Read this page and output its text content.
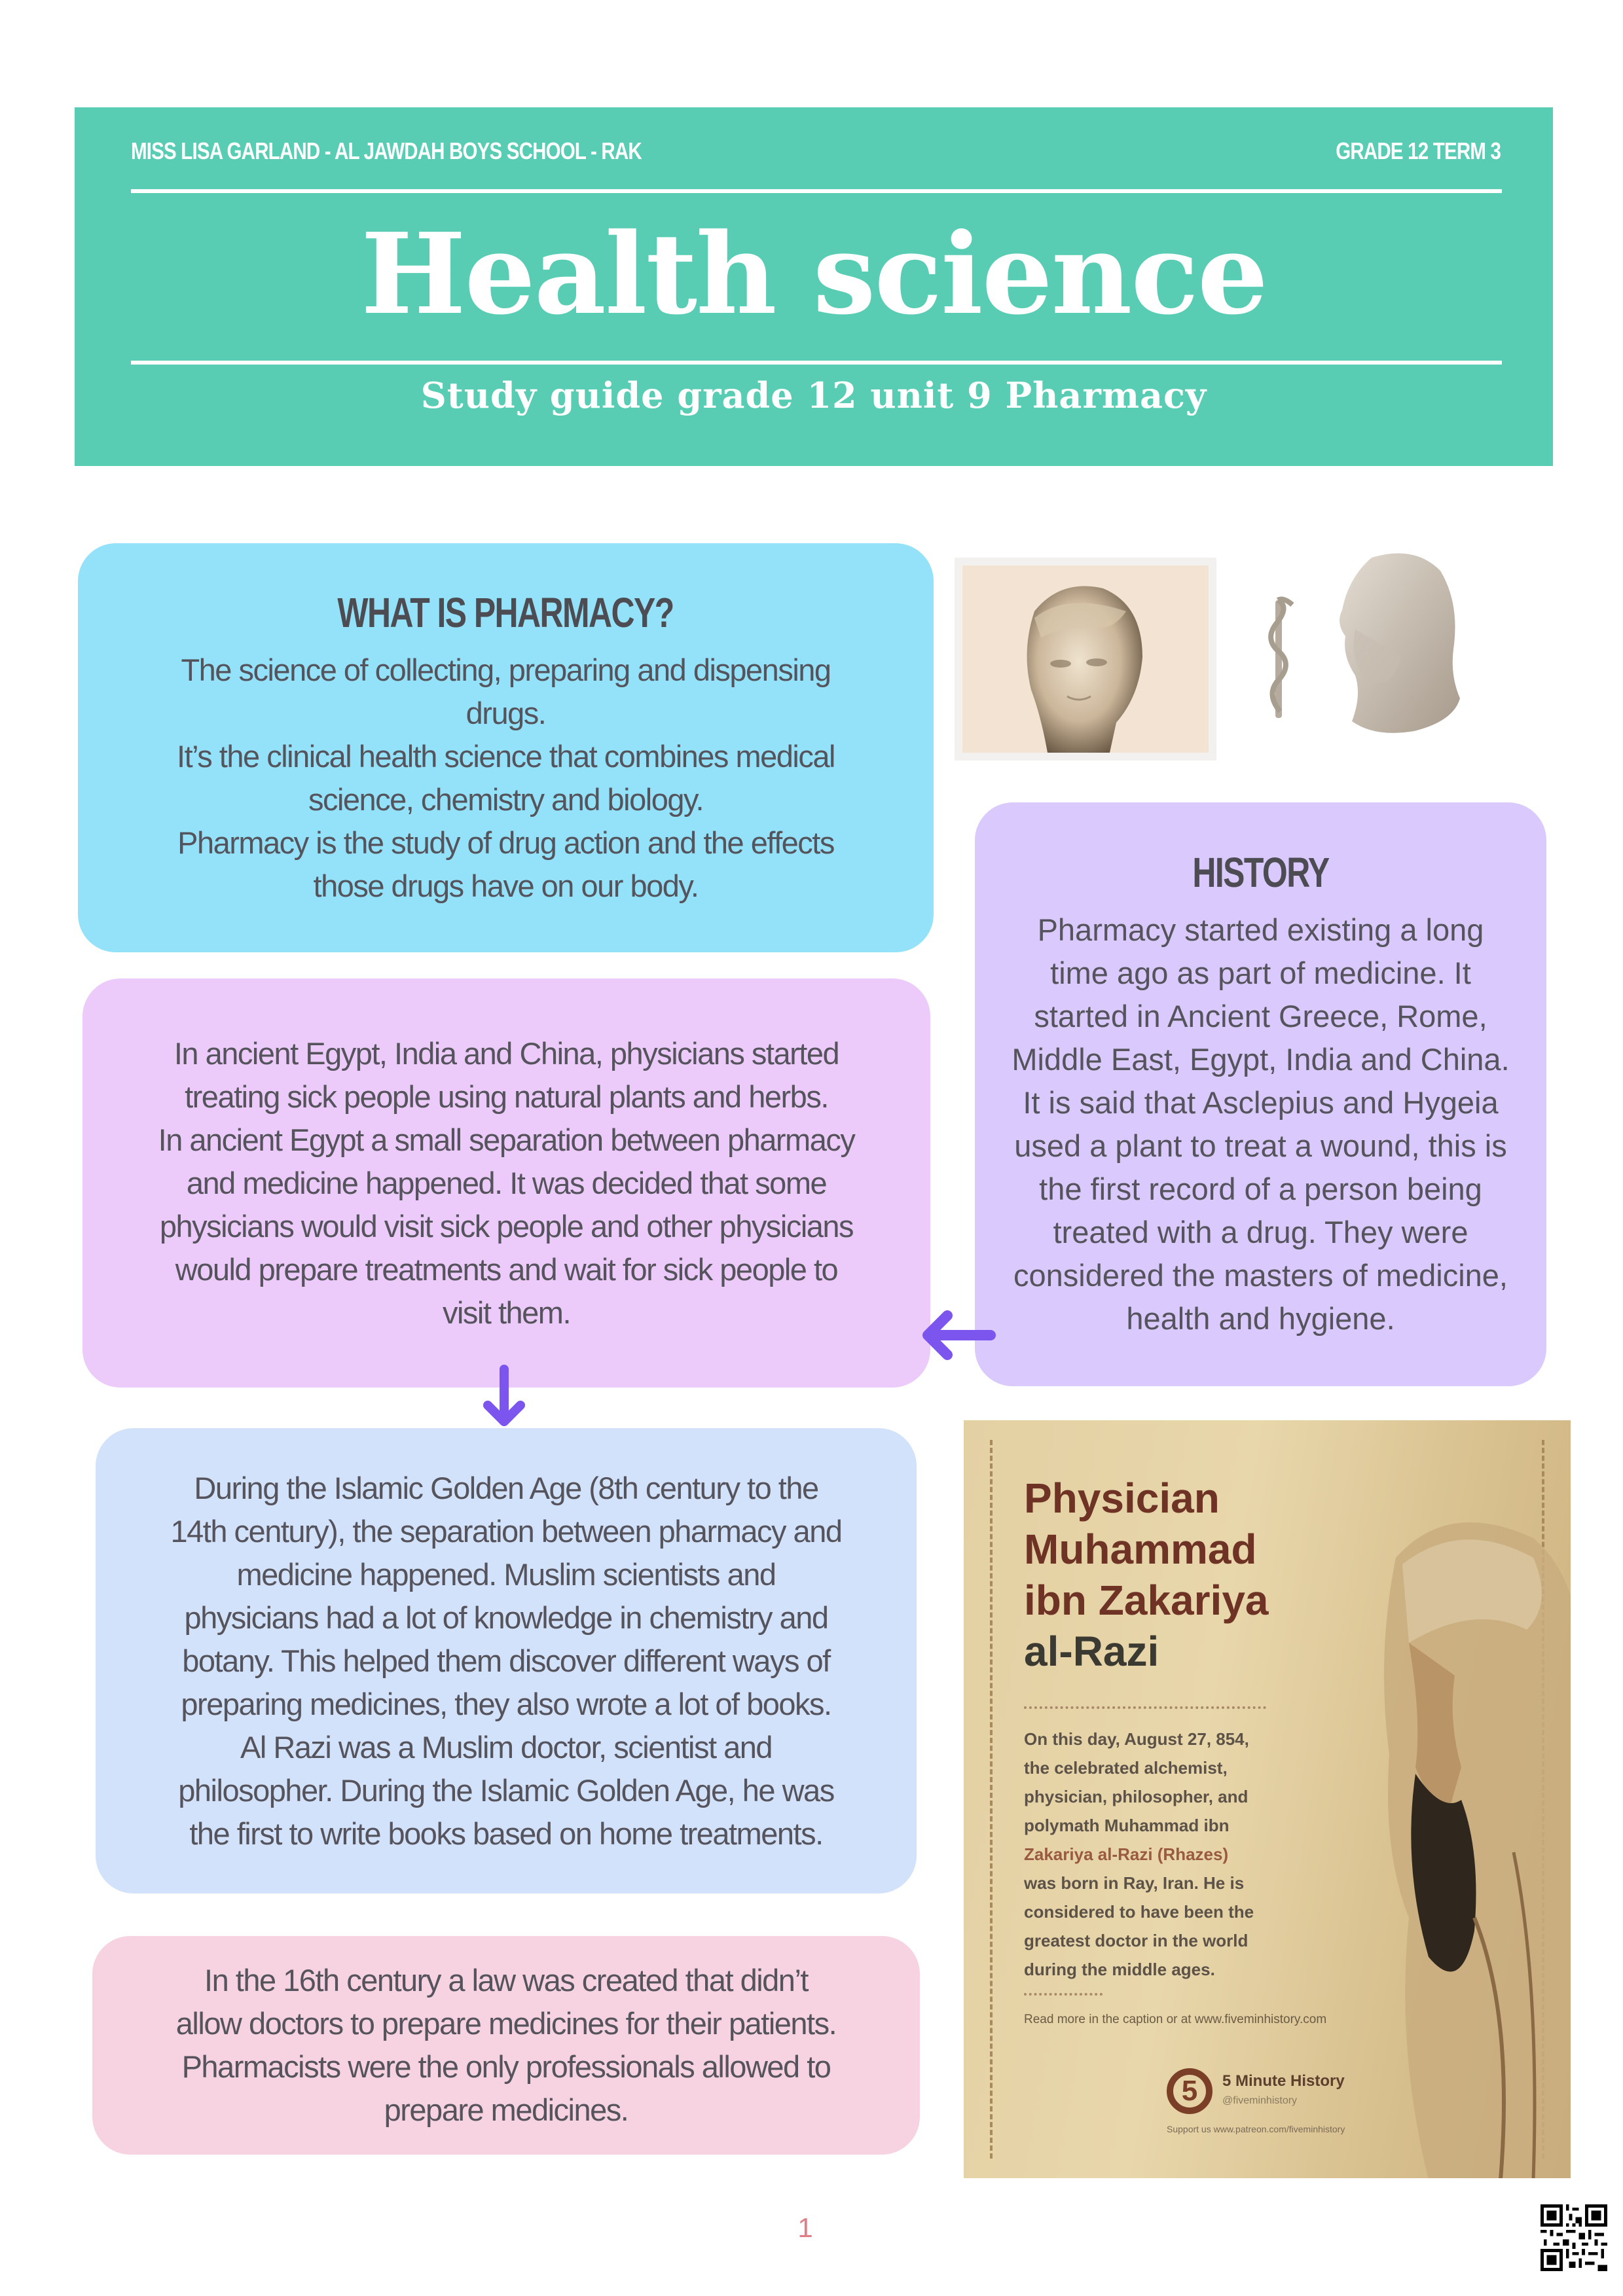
MISS LISA GARLAND - AL JAWDAH BOYS SCHOOL - RAK	GRADE 12 TERM 3
Health science
Study guide grade 12 unit 9 Pharmacy
WHAT IS PHARMACY?

The science of collecting, preparing and dispensing
drugs.
It’s the clinical health science that combines medical
science, chemistry and biology.
Pharmacy is the study of drug action and the effects
those drugs have on our body.	HISTORY

Pharmacy started existing a long
time ago as part of medicine. It
started in Ancient Greece, Rome,
Middle East, Egypt, India and China.
It is said that Asclepius and Hygeia
used a plant to treat a wound, this is
the first record of a person being
treated with a drug. They were
considered the masters of medicine,
health and hygiene.

In ancient Egypt, India and China, physicians started
treating sick people using natural plants and herbs.
In ancient Egypt a small separation between pharmacy
and medicine happened. It was decided that some
physicians would visit sick people and other physicians
would prepare treatments and wait for sick people to
visit them.

During the Islamic Golden Age (8th century to the
14th century), the separation between pharmacy and
medicine happened. Muslim scientists and
physicians had a lot of knowledge in chemistry and
botany. This helped them discover different ways of
preparing medicines, they also wrote a lot of books.
Al Razi was a Muslim doctor, scientist and
philosopher. During the Islamic Golden Age, he was
the first to write books based on home treatments.

In the 16th century a law was created that didn’t
allow doctors to prepare medicines for their patients.
Pharmacists were the only professionals allowed to
prepare medicines.

Physician
Muhammad
ibn Zakariya
al-Razi
On this day, August 27, 854,
the celebrated alchemist,
physician, philosopher, and
polymath Muhammad ibn
Zakariya al-Razi (Rhazes)
was born in Ray, Iran. He is
considered to have been the
greatest doctor in the world
during the middle ages.
Read more in the caption or at www.fiveminhistory.com
5	5 Minute History
@fiveminhistory
Support us www.patreon.com/fiveminhistory
1
